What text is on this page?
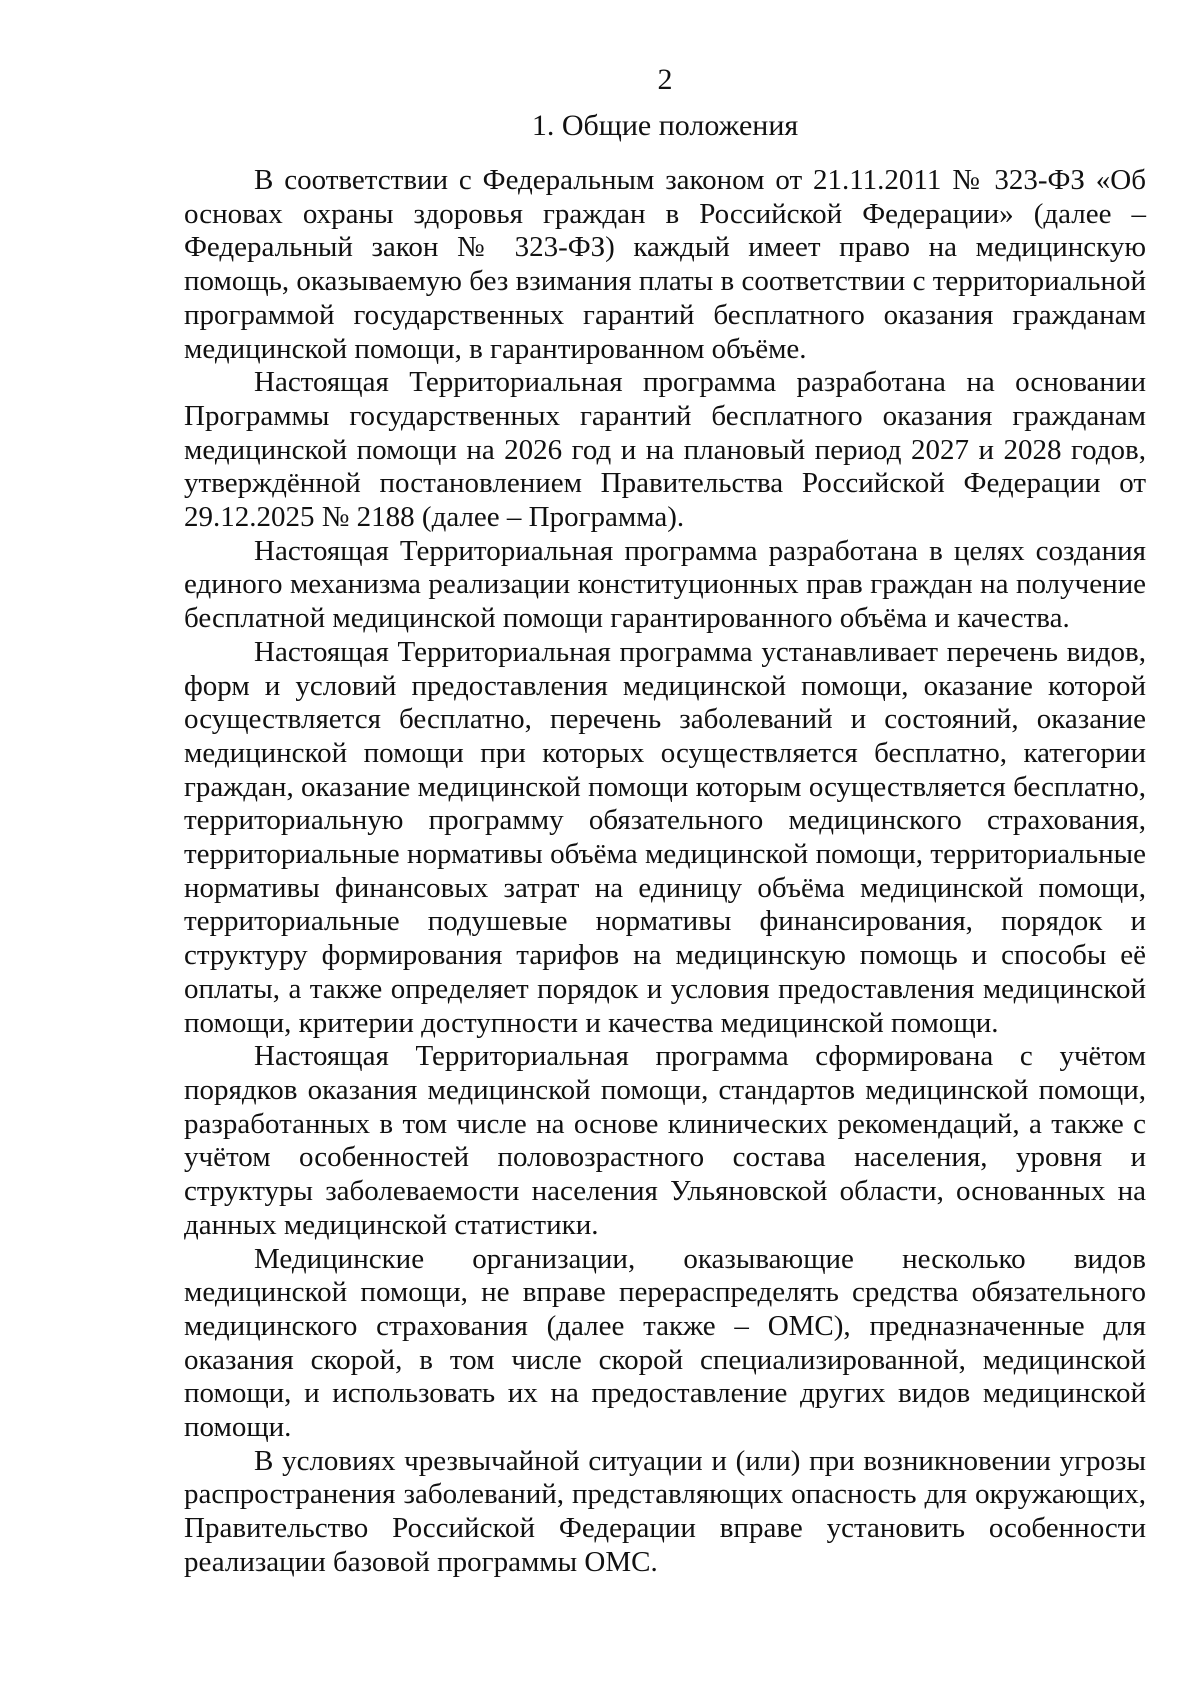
2
1. Общие положения

В соответствии с Федеральным законом от 21.11.2011 № 323-ФЗ «Об основах охраны здоровья граждан в Российской Федерации» (далее – Федеральный закон № 323-ФЗ) каждый имеет право на медицинскую помощь, оказываемую без взимания платы в соответствии с территориальной программой государственных гарантий бесплатного оказания гражданам медицинской помощи, в гарантированном объёме.

Настоящая Территориальная программа разработана на основании Программы государственных гарантий бесплатного оказания гражданам медицинской помощи на 2026 год и на плановый период 2027 и 2028 годов, утверждённой постановлением Правительства Российской Федерации от 29.12.2025 № 2188 (далее – Программа).

Настоящая Территориальная программа разработана в целях создания единого механизма реализации конституционных прав граждан на получение бесплатной медицинской помощи гарантированного объёма и качества.

Настоящая Территориальная программа устанавливает перечень видов, форм и условий предоставления медицинской помощи, оказание которой осуществляется бесплатно, перечень заболеваний и состояний, оказание медицинской помощи при которых осуществляется бесплатно, категории граждан, оказание медицинской помощи которым осуществляется бесплатно, территориальную программу обязательного медицинского страхования, территориальные нормативы объёма медицинской помощи, территориальные нормативы финансовых затрат на единицу объёма медицинской помощи, территориальные подушевые нормативы финансирования, порядок и структуру формирования тарифов на медицинскую помощь и способы её оплаты, а также определяет порядок и условия предоставления медицинской помощи, критерии доступности и качества медицинской помощи.

Настоящая Территориальная программа сформирована с учётом порядков оказания медицинской помощи, стандартов медицинской помощи, разработанных в том числе на основе клинических рекомендаций, а также с учётом особенностей половозрастного состава населения, уровня и структуры заболеваемости населения Ульяновской области, основанных на данных медицинской статистики.

Медицинские организации, оказывающие несколько видов медицинской помощи, не вправе перераспределять средства обязательного медицинского страхования (далее также – ОМС), предназначенные для оказания скорой, в том числе скорой специализированной, медицинской помощи, и использовать их на предоставление других видов медицинской помощи.

В условиях чрезвычайной ситуации и (или) при возникновении угрозы распространения заболеваний, представляющих опасность для окружающих, Правительство Российской Федерации вправе установить особенности реализации базовой программы ОМС.
